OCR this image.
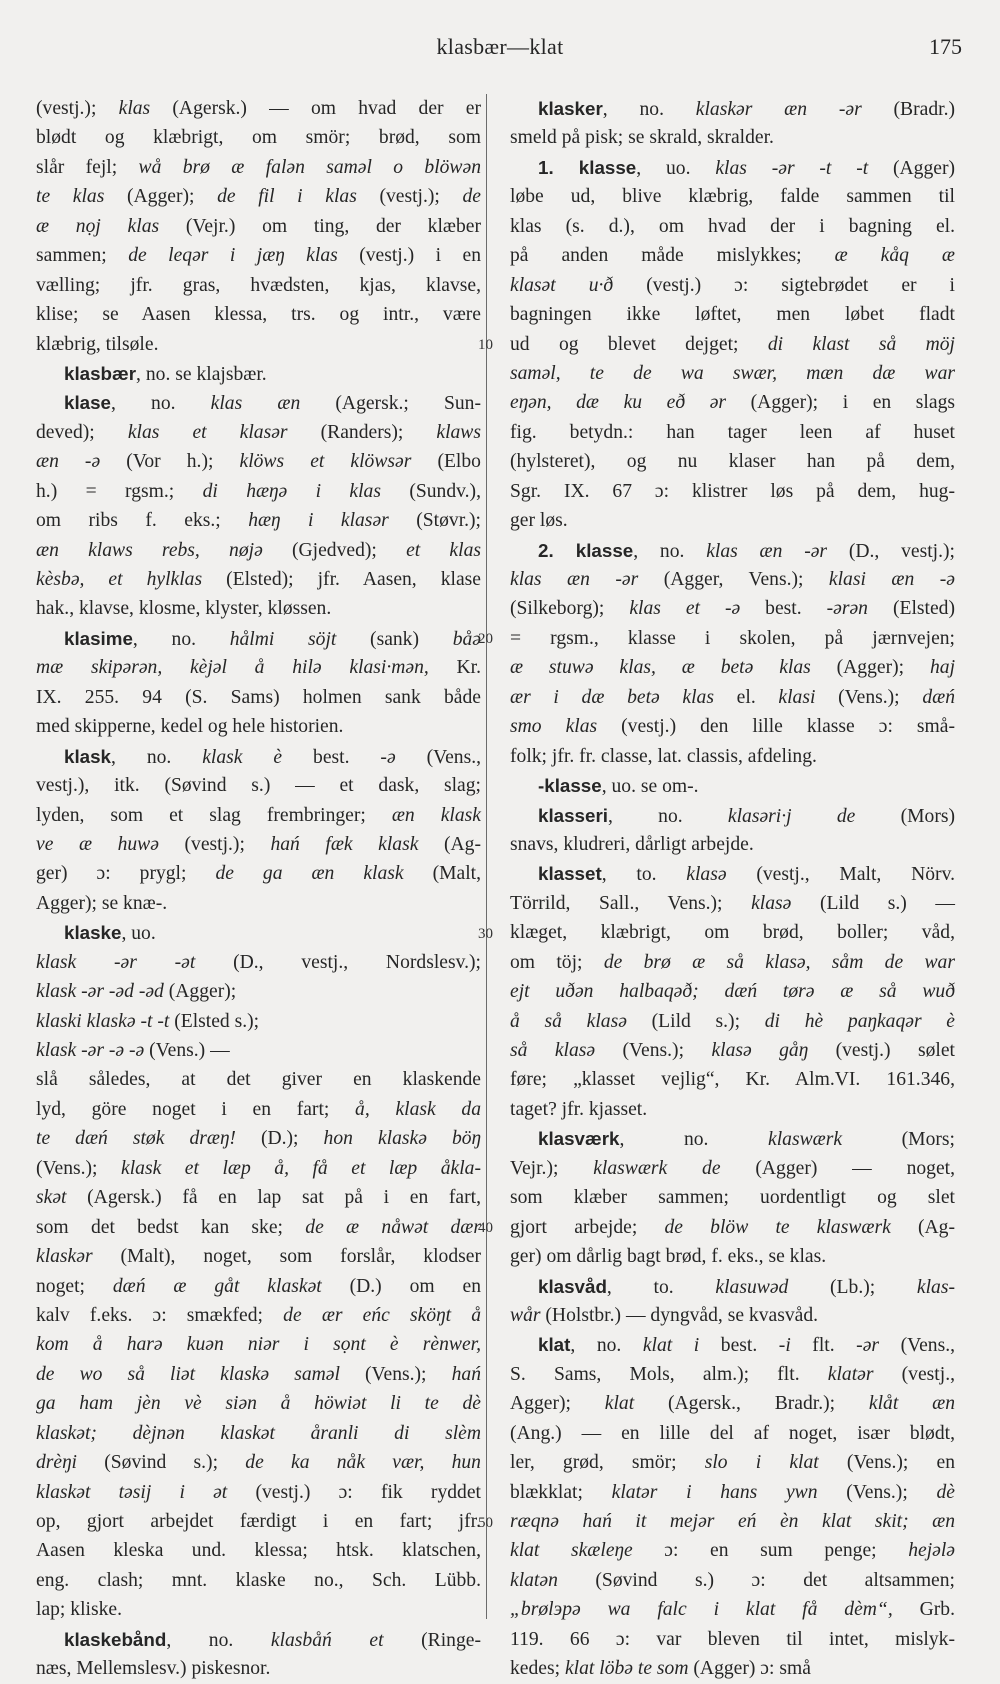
klasbær—klat	175
(vestj.); klas (Agersk.) — om hvad der er
blødt og klæbrigt, om smör; brød, som
slår fejl; wå brø æ falən saməl o blöwən
te klas (Agger); de fil i klas (vestj.); de
æ nọj klas (Vejr.) om ting, der klæber
sammen; de leqər i jæŋ klas (vestj.) i en
vælling; jfr. gras, hvædsten, kjas, klavse,
klise; se Aasen klessa, trs. og intr., være
klæbrig, tilsøle.
klasbær, no. se klajsbær.
klase, no. klas æn (Agersk.; Sun-
deved); klas et klasər (Randers); klaws
æn -ə (Vor h.); klöws et klöwsər (Elbo
h.) = rgsm.; di hæŋə i klas (Sundv.),
om ribs f. eks.; hæŋ i klasər (Støvr.);
æn klaws rebs, nøjə (Gjedved); et klas
kèsbə, et hylklas (Elsted); jfr. Aasen, klase
hak., klavse, klosme, klyster, kløssen.
klasime, no. hålmi söjt (sank) båə
mæ skipərən, kèjəl å hilə klasi·mən, Kr.
IX. 255. 94 (S. Sams) holmen sank både
med skipperne, kedel og hele historien.
klask, no. klask è best. -ə (Vens.,
vestj.), itk. (Søvind s.) — et dask, slag;
lyden, som et slag frembringer; æn klask
ve æ huwə (vestj.); hań fæk klask (Ag-
ger) ɔ: prygl; de ga æn klask (Malt,
Agger); se knæ-.
klaske, uo.
klask -ər -ət (D., vestj., Nordslesv.);
klask -ər -əd -əd (Agger);
klaski klaskə -t -t (Elsted s.);
klask -ər -ə -ə (Vens.) —
slå således, at det giver en klaskende
lyd, göre noget i en fart; å, klask da
te dæń støk dræŋ! (D.); hon klaskə böŋ
(Vens.); klask et læp å, få et læp åkla-
skət (Agersk.) få en lap sat på i en fart,
som det bedst kan ske; de æ nåwət dær
klaskər (Malt), noget, som forslår, klodser
noget; dæń æ gåt klaskət (D.) om en
kalv f.eks. ɔ: smækfed; de ær eńc sköŋt å
kom å harə kuən niər i sọnt è rènwer,
de wo så liət klaskə saməl (Vens.); hań
ga ham jèn vè siən å höwiət li te dè
klaskət; dèjnən klaskət åranli di slèm
drèŋi (Søvind s.); de ka nåk vær, hun
klaskət təsij i ət (vestj.) ɔ: fik ryddet
op, gjort arbejdet færdigt i en fart; jfr.
Aasen kleska und. klessa; htsk. klatschen,
eng. clash; mnt. klaske no., Sch. Lübb.
lap; kliske.
klaskebånd, no. klasbåń et (Ringe-
næs, Mellemslesv.) piskesnor.
klasker, no. klaskər æn -ər (Bradr.)
smeld på pisk; se skrald, skralder.
1. klasse, uo. klas -ər -t -t (Agger)
løbe ud, blive klæbrig, falde sammen til
klas (s. d.), om hvad der i bagning el.
på anden måde mislykkes; æ kåq æ
klasət u·ð (vestj.) ɔ: sigtebrødet er i
bagningen ikke løftet, men løbet fladt
ud og blevet dejget; di klast så möj
saməl, te de wa swær, mæn dæ war
eŋən, dæ ku eð ər (Agger); i en slags
fig. betydn.: han tager leen af huset
(hylsteret), og nu klaser han på dem,
Sgr. IX. 67 ɔ: klistrer løs på dem, hug-
ger løs.
2. klasse, no. klas æn -ər (D., vestj.);
klas æn -ər (Agger, Vens.); klasi æn -ə
(Silkeborg); klas et -ə best. -ərən (Elsted)
= rgsm., klasse i skolen, på jærnvejen;
æ stuwə klas, æ betə klas (Agger); haj
ær i dæ betə klas el. klasi (Vens.); dæń
smo klas (vestj.) den lille klasse ɔ: små-
folk; jfr. fr. classe, lat. classis, afdeling.
-klasse, uo. se om-.
klasseri, no. klasəri·j de (Mors)
snavs, kludreri, dårligt arbejde.
klasset, to. klasə (vestj., Malt, Nörv.
Törrild, Sall., Vens.); klasə (Lild s.) —
klæget, klæbrigt, om brød, boller; våd,
om töj; de brø æ så klasə, såm de war
ejt uðən halbaqəð; dæń tørə æ så wuð
å så klasə (Lild s.); di hè paŋkaqər è
så klasə (Vens.); klasə gåŋ (vestj.) sølet
føre; „klasset vejlig“, Kr. Alm.VI. 161.346,
taget? jfr. kjasset.
klasværk, no. klaswærk (Mors;
Vejr.); klaswærk de (Agger) — noget,
som klæber sammen; uordentligt og slet
gjort arbejde; de blöw te klaswærk (Ag-
ger) om dårlig bagt brød, f. eks., se klas.
klasvåd, to. klasuwəd (Lb.); klas-
wår (Holstbr.) — dyngvåd, se kvasvåd.
klat, no. klat i best. -i flt. -ər (Vens.,
S. Sams, Mols, alm.); flt. klatər (vestj.,
Agger); klat (Agersk., Bradr.); klåt æn
(Ang.) — en lille del af noget, især blødt,
ler, grød, smör; slo i klat (Vens.); en
blækklat; klatər i hans ywn (Vens.); dè
ræqnə hań it mejər eń èn klat skit; æn
klat skæleŋe ɔ: en sum penge; hejələ
klatən (Søvind s.) ɔ: det altsammen;
„brølэpə wa falc i klat få dèm“, Grb.
119. 66 ɔ: var bleven til intet, mislyk-
kedes; klat löbə te som (Agger) ɔ: små
10
20
30
40
50
